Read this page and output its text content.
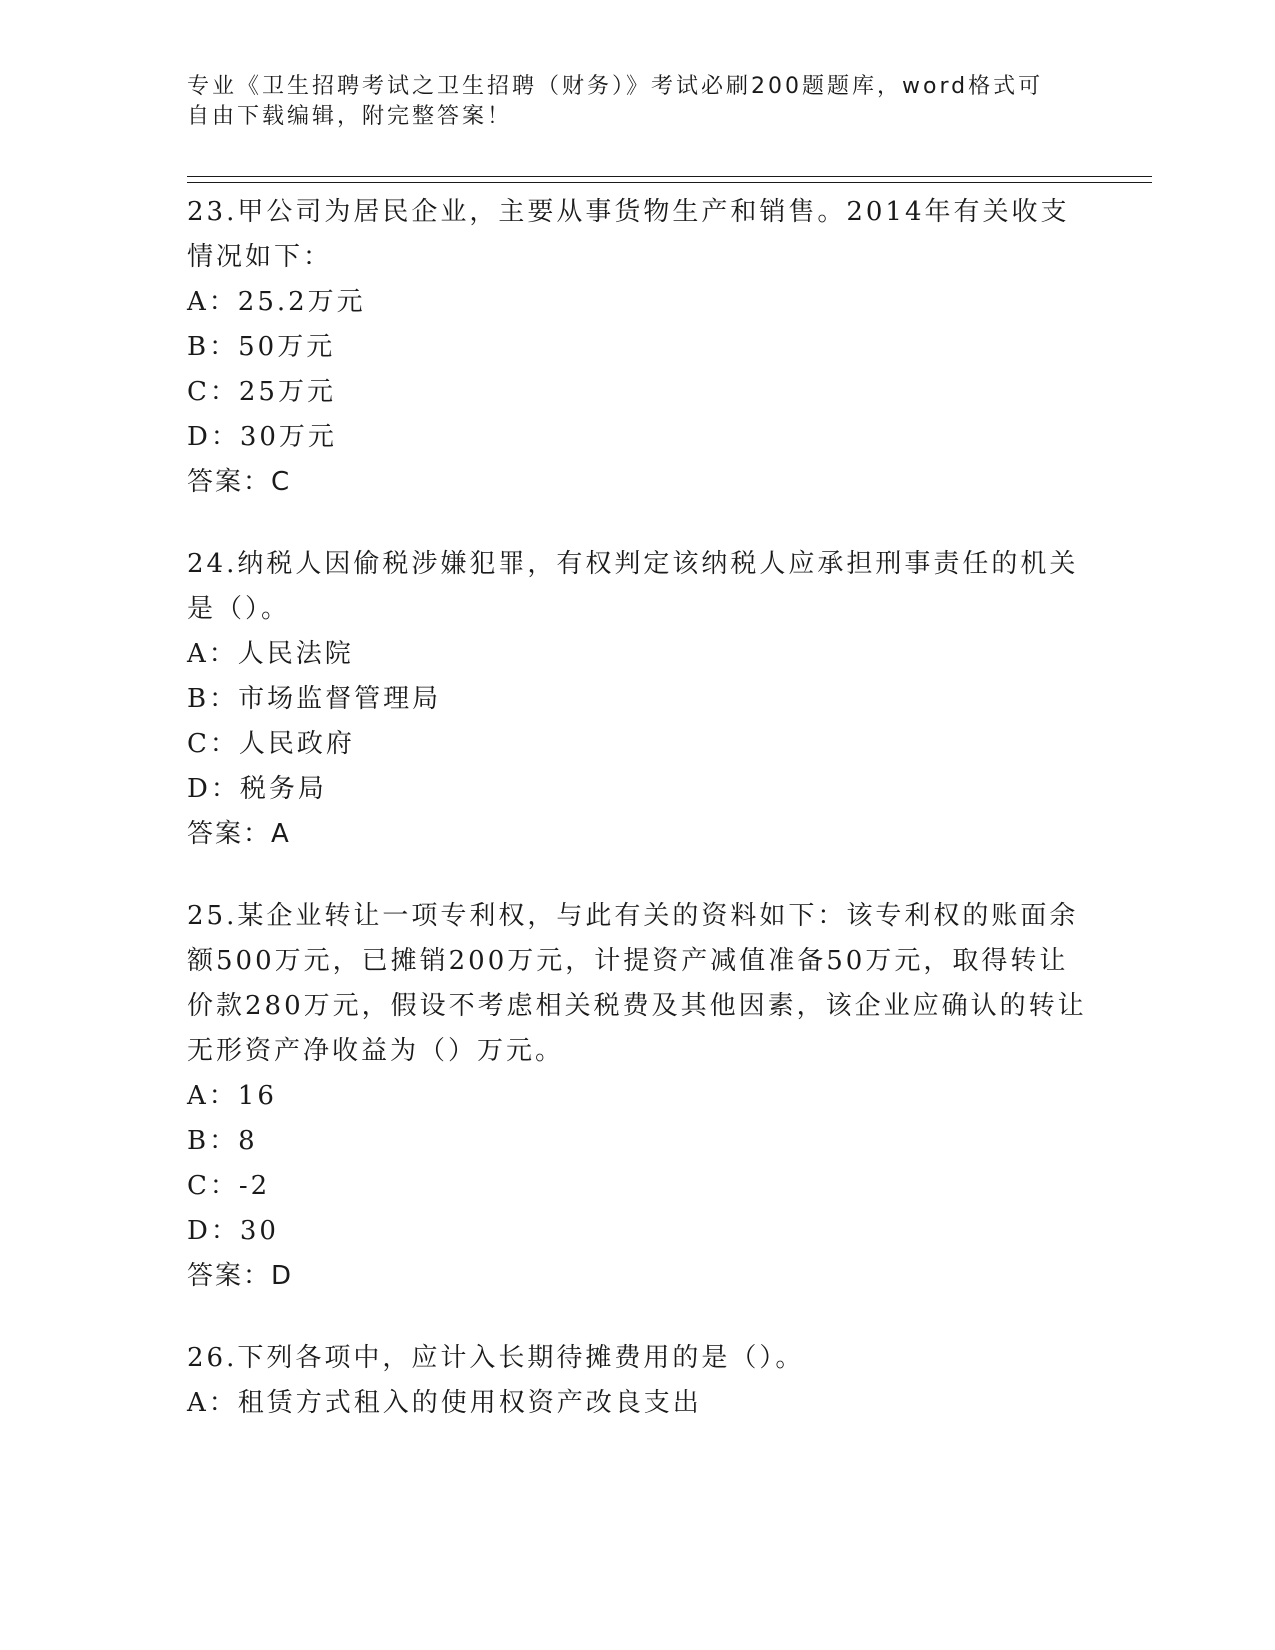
专业《卫生招聘考试之卫生招聘（财务）》考试必刷200题题库，word格式可自由下载编辑，附完整答案！

23.甲公司为居民企业，主要从事货物生产和销售。2014年有关收支情况如下：

A：25.2万元

B：50万元

C：25万元

D：30万元

答案：C

24.纳税人因偷税涉嫌犯罪，有权判定该纳税人应承担刑事责任的机关是（）。

A：人民法院

B：市场监督管理局

C：人民政府

D：税务局

答案：A

25.某企业转让一项专利权，与此有关的资料如下：该专利权的账面余额500万元，已摊销200万元，计提资产减值准备50万元，取得转让价款280万元，假设不考虑相关税费及其他因素，该企业应确认的转让无形资产净收益为（）万元。

A：16

B：8

C：-2

D：30

答案：D

26.下列各项中，应计入长期待摊费用的是（）。

A：租赁方式租入的使用权资产改良支出
